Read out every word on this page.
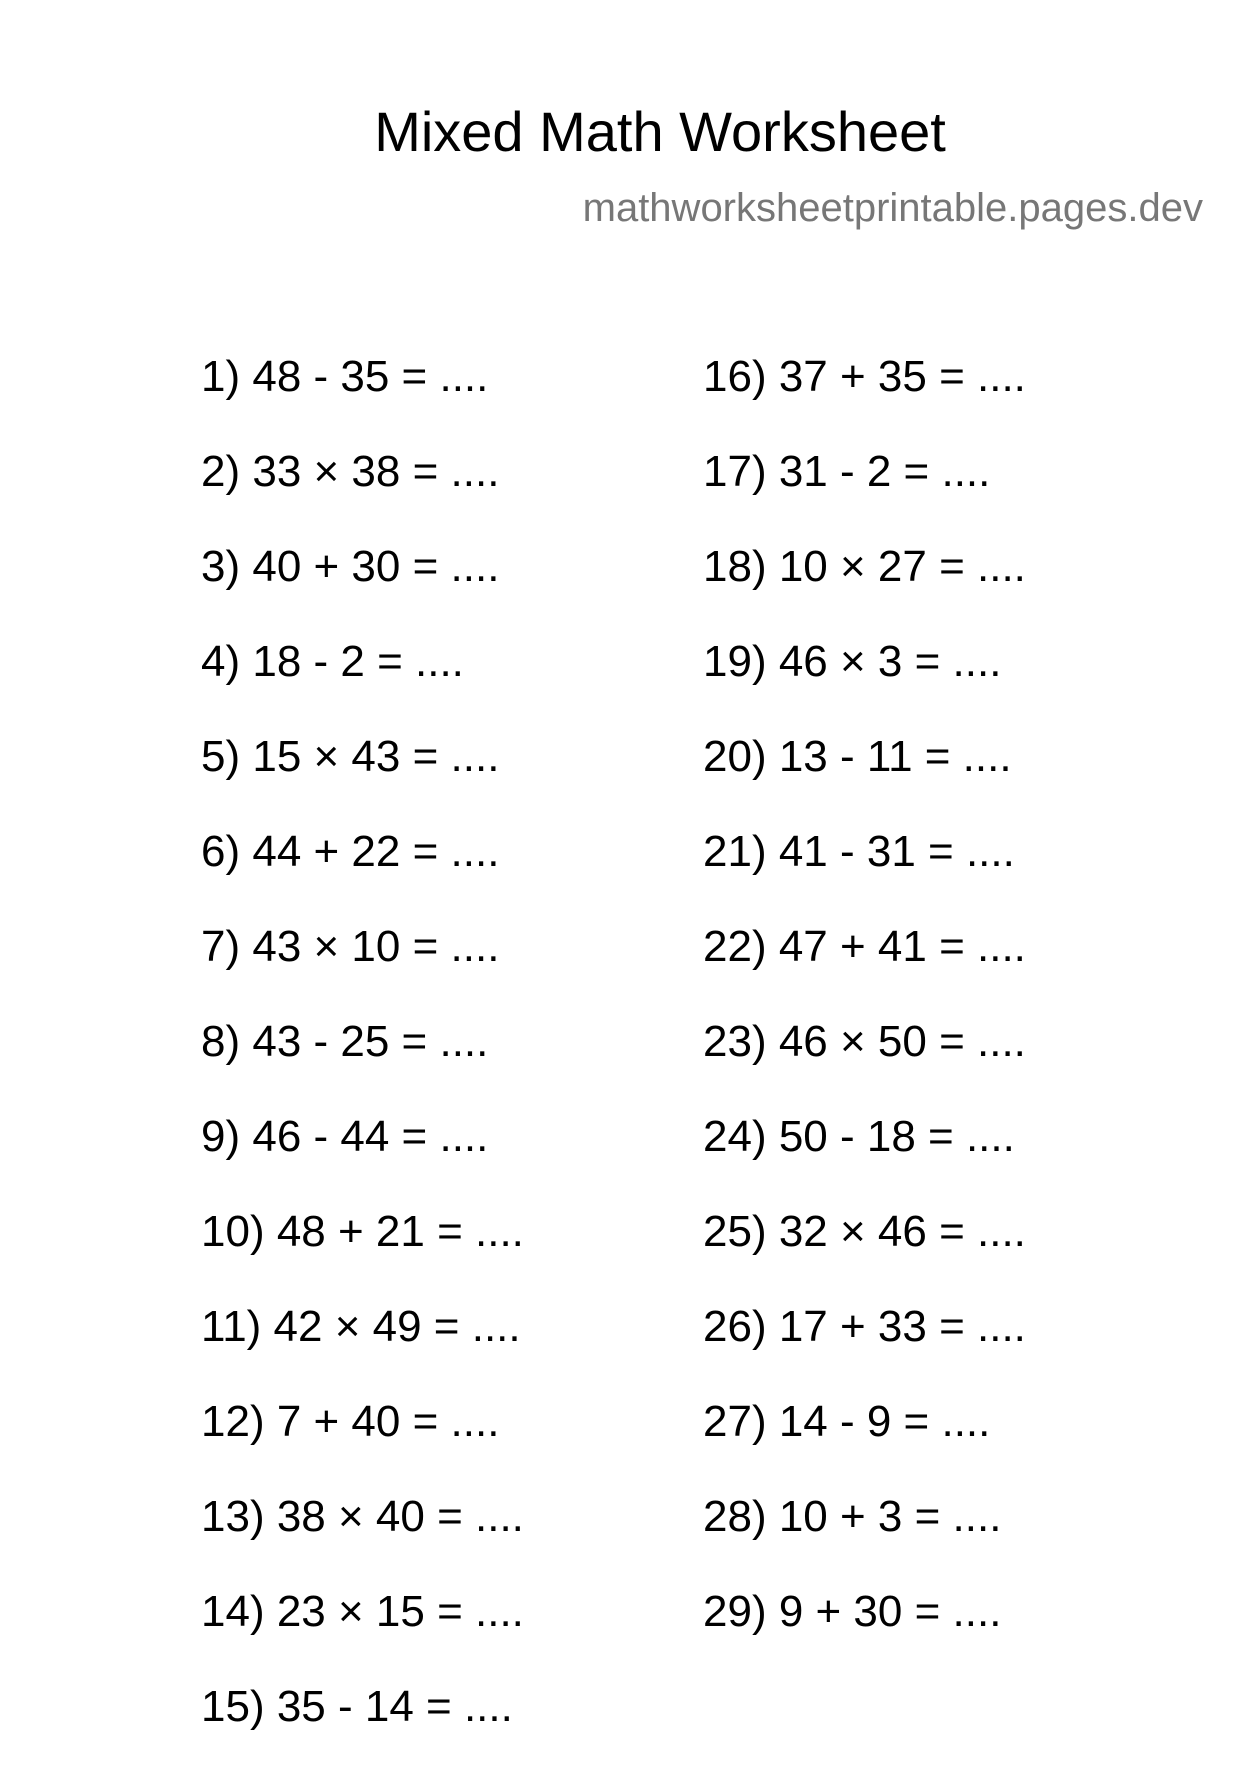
Mixed Math Worksheet
mathworksheetprintable.pages.dev
1) 48 - 35 = ....
2) 33 × 38 = ....
3) 40 + 30 = ....
4) 18 - 2 = ....
5) 15 × 43 = ....
6) 44 + 22 = ....
7) 43 × 10 = ....
8) 43 - 25 = ....
9) 46 - 44 = ....
10) 48 + 21 = ....
11) 42 × 49 = ....
12) 7 + 40 = ....
13) 38 × 40 = ....
14) 23 × 15 = ....
15) 35 - 14 = ....
16) 37 + 35 = ....
17) 31 - 2 = ....
18) 10 × 27 = ....
19) 46 × 3 = ....
20) 13 - 11 = ....
21) 41 - 31 = ....
22) 47 + 41 = ....
23) 46 × 50 = ....
24) 50 - 18 = ....
25) 32 × 46 = ....
26) 17 + 33 = ....
27) 14 - 9 = ....
28) 10 + 3 = ....
29) 9 + 30 = ....
